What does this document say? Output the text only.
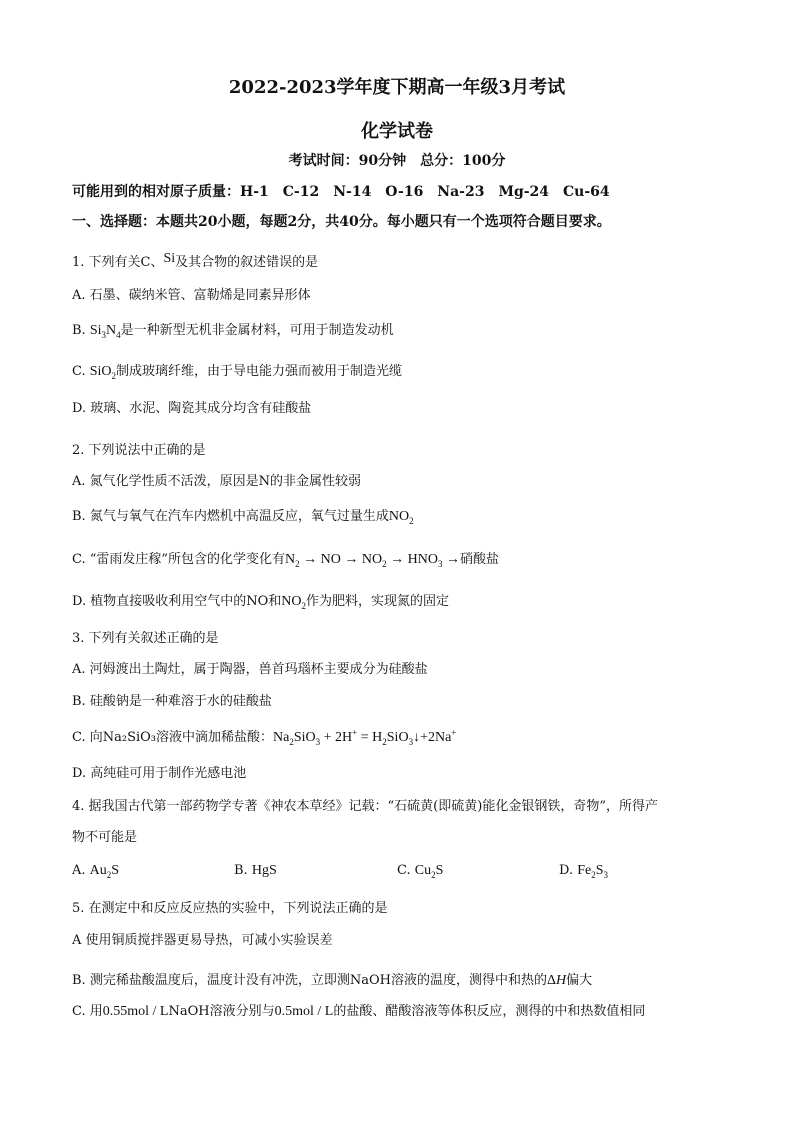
2022-2023学年度下期高一年级3月考试
化学试卷
考试时间：90分钟　总分：100分
可能用到的相对原子质量：H-1　C-12　N-14　O-16　Na-23　Mg-24　Cu-64
一、选择题：本题共20小题，每题2分，共40分。每小题只有一个选项符合题目要求。
1. 下列有关C、Si及其合物的叙述错误的是
A. 石墨、碳纳米管、富勒烯是同素异形体
B. $Si_3N_4$是一种新型无机非金属材料，可用于制造发动机
C. SiO$_2$制成玻璃纤维，由于导电能力强而被用于制造光缆
D. 玻璃、水泥、陶瓷其成分均含有硅酸盐
2. 下列说法中正确的是
A. 氮气化学性质不活泼，原因是N的非金属性较弱
B. 氮气与氧气在汽车内燃机中高温反应，氧气过量生成$NO_2$
C. “雷雨发庄稼”所包含的化学变化有$N_2$ → NO → $NO_2 \to HNO_3$ →硝酸盐
D. 植物直接吸收利用空气中的NO和$NO_2$作为肥料，实现氮的固定
3. 下列有关叙述正确的是
A. 河姆渡出土陶灶，属于陶器，兽首玛瑙杯主要成分为硅酸盐
B. 硅酸钠是一种难溶于水的硅酸盐
C. 向Na₂SiO₃溶液中滴加稀盐酸：$Na_2SiO_3 + 2H^+$ = $H_2SiO_3↓+2Na^+$
D. 高纯硅可用于制作光感电池
4. 据我国古代第一部药物学专著《神农本草经》记载：“石硫黄(即硫黄)能化金银钢铁，奇物”，所得产
物不可能是
A. $Au_2S$	B. HgS	C. $Cu_2S$	D. $Fe_2S_3$
5. 在测定中和反应反应热的实验中，下列说法正确的是
A 使用铜质搅拌器更易导热，可减小实验误差
B. 测完稀盐酸温度后，温度计没有冲洗，立即测NaOH溶液的温度，测得中和热的ΔH偏大
C. 用0.55mol / LNaOH溶液分别与0.5mol / L的盐酸、醋酸溶液等体积反应，测得的中和热数值相同
